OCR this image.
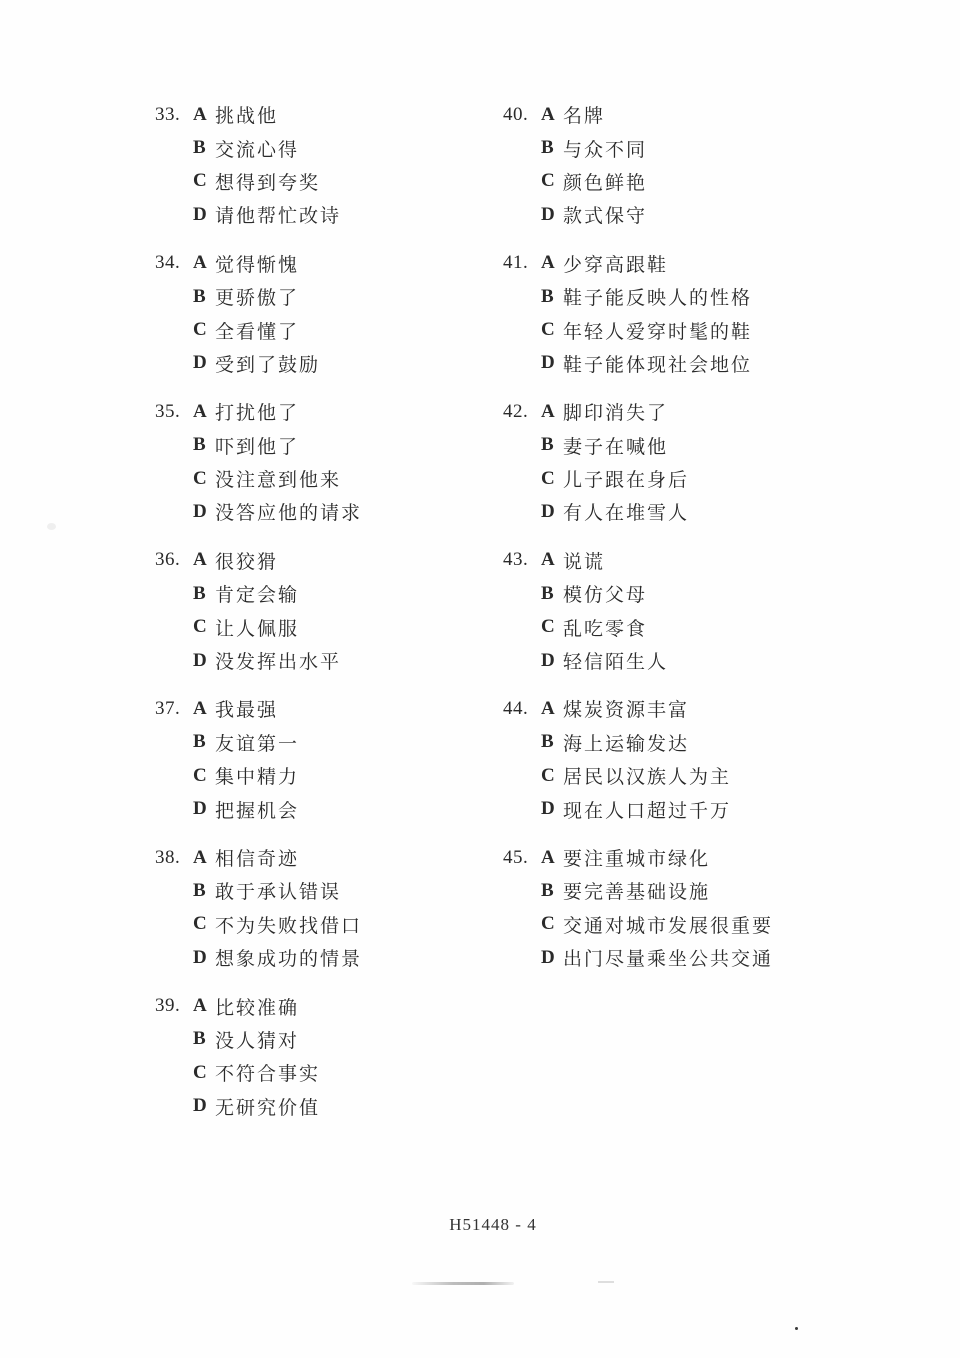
33. A 挑战他
B 交流心得
C 想得到夸奖
D 请他帮忙改诗
34. A 觉得惭愧
B 更骄傲了
C 全看懂了
D 受到了鼓励
35. A 打扰他了
B 吓到他了
C 没注意到他来
D 没答应他的请求
36. A 很狡猾
B 肯定会输
C 让人佩服
D 没发挥出水平
37. A 我最强
B 友谊第一
C 集中精力
D 把握机会
38. A 相信奇迹
B 敢于承认错误
C 不为失败找借口
D 想象成功的情景
39. A 比较准确
B 没人猜对
C 不符合事实
D 无研究价值
40. A 名牌
B 与众不同
C 颜色鲜艳
D 款式保守
41. A 少穿高跟鞋
B 鞋子能反映人的性格
C 年轻人爱穿时髦的鞋
D 鞋子能体现社会地位
42. A 脚印消失了
B 妻子在喊他
C 儿子跟在身后
D 有人在堆雪人
43. A 说谎
B 模仿父母
C 乱吃零食
D 轻信陌生人
44. A 煤炭资源丰富
B 海上运输发达
C 居民以汉族人为主
D 现在人口超过千万
45. A 要注重城市绿化
B 要完善基础设施
C 交通对城市发展很重要
D 出门尽量乘坐公共交通
H51448 - 4
